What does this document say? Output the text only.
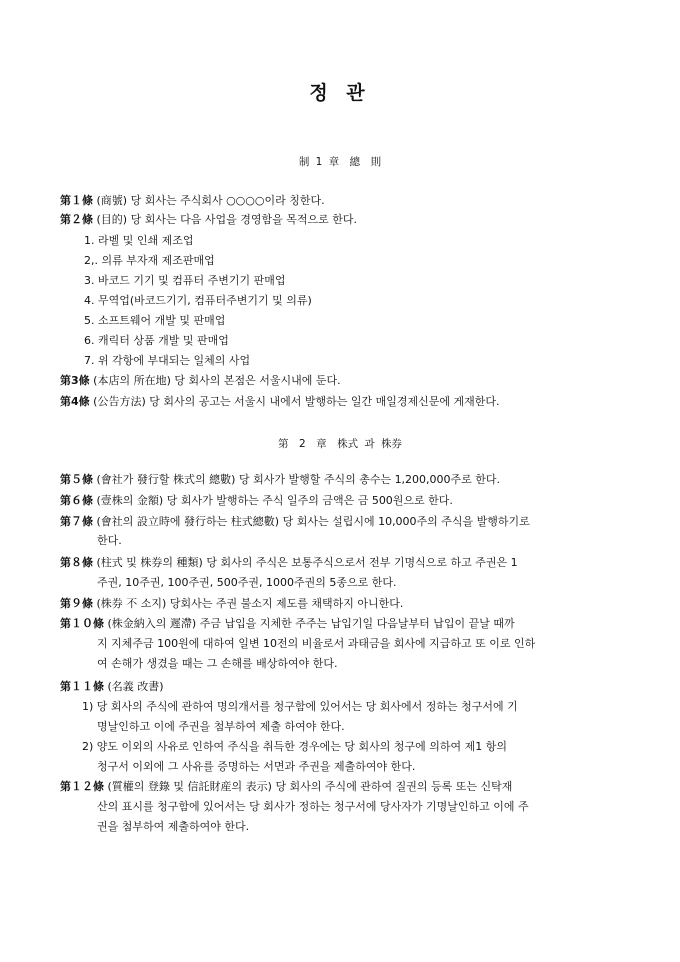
정 관
制 1 章　總　則
第　2　章　株式 과 株券
第１條 (商號) 당 회사는 주식회사 ○○○○이라 칭한다.
第２條 (目的) 당 회사는 다음 사업을 경영함을 목적으로 한다.
1. 라벨 및 인쇄 제조업
2,. 의류 부자재 제조판매업
3. 바코드 기기 및 컴퓨터 주변기기 판매업
4. 무역업(바코드기기, 컴퓨터주변기기 및 의류)
5. 소프트웨어 개발 및 판매업
6. 캐릭터 상품 개발 및 판매업
7. 위 각항에 부대되는 일체의 사업
第3條 (本店의 所在地) 당 회사의 본점은 서울시내에 둔다.
第4條 (公告方法) 당 회사의 공고는 서울시 내에서 발행하는 일간 매일경제신문에 게재한다.
第５條 (會社가 發行할 株式의 總數) 당 회사가 발행할 주식의 총수는 1,200,000주로 한다.
第６條 (壹株의 金額) 당 회사가 발행하는 주식 일주의 금액은 금 500원으로 한다.
第７條 (會社의 設立時에 發行하는 柱式總數) 당 회사는 설립시에 10,000주의 주식을 발행하기로
한다.
第８條 (柱式 및 株券의 種類) 당 회사의 주식은 보통주식으로서 전부 기명식으로 하고 주권은 1
주권, 10주권, 100주권, 500주권, 1000주권의 5종으로 한다.
第９條 (株券 不 소지) 당회사는 주권 불소지 제도를 채택하지 아니한다.
第１０條 (株金納入의 遲滯) 주금 납입을 지체한 주주는 납입기일 다음날부터 납입이 끝날 때까
지 지체주금 100원에 대하여 일변 10전의 비율로서 과태금을 회사에 지급하고 또 이로 인하
여 손해가 생겼을 때는 그 손해를 배상하여야 한다.
第１１條 (名義 改書)
1) 당 회사의 주식에 관하여 명의개서를 청구함에 있어서는 당 회사에서 정하는 청구서에 기
명날인하고 이에 주권을 첨부하여 제출 하여야 한다.
2) 양도 이외의 사유로 인하여 주식을 취득한 경우에는 당 회사의 청구에 의하여 제1 항의
청구서 이외에 그 사유를 증명하는 서면과 주권을 제출하여야 한다.
第１２條 (質權의 登錄 및 信託財産의 表示) 당 회사의 주식에 관하여 질권의 등록 또는 신탁재
산의 표시를 청구함에 있어서는 당 회사가 정하는 청구서에 당사자가 기명날인하고 이에 주
권을 첨부하여 제출하여야 한다.
